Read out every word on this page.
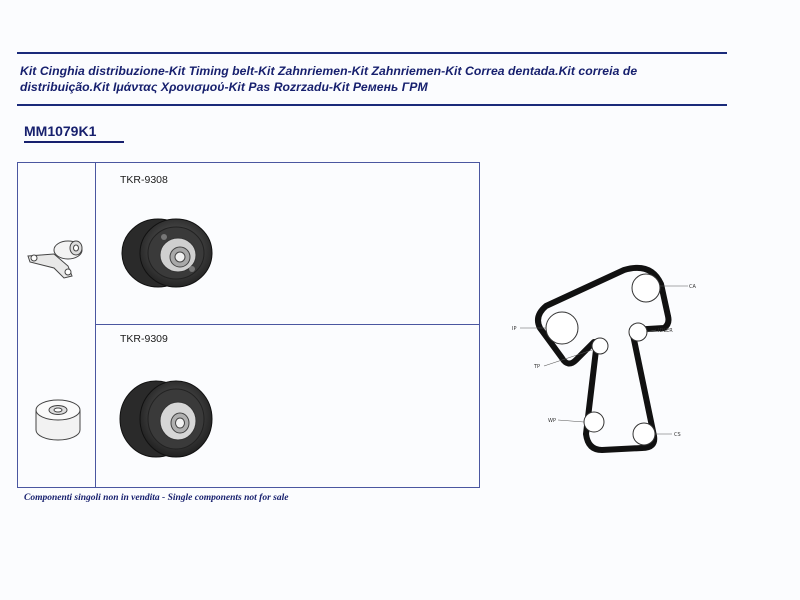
Kit Cinghia distribuzione-Kit Timing belt-Kit Zahnriemen-Kit Zahnriemen-Kit Correa dentada.Kit correia de distribuição.Kit Ιμάντας Χρονισμού-Kit Pas Rozrzadu-Kit Ремень ГРМ
MM1079K1
TKR-9308
TKR-9309
CA
IDLER
IP
TP
WP
CS
Componenti singoli non in vendita - Single components not for sale
